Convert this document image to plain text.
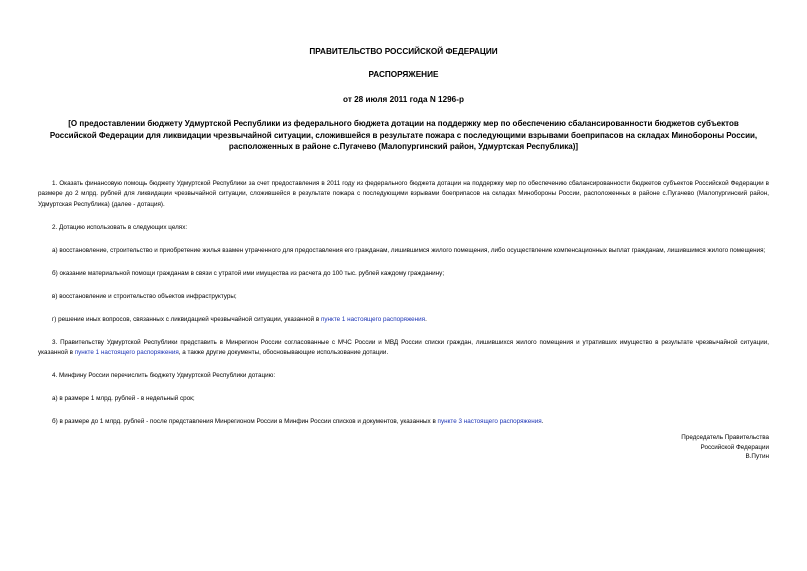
ПРАВИТЕЛЬСТВО РОССИЙСКОЙ ФЕДЕРАЦИИ

РАСПОРЯЖЕНИЕ

от 28 июля 2011 года N 1296-р

[О предоставлении бюджету Удмуртской Республики из федерального бюджета дотации на поддержку мер по обеспечению сбалансированности бюджетов субъектов Российской Федерации для ликвидации чрезвычайной ситуации, сложившейся в результате пожара с последующими взрывами боеприпасов на складах Минобороны России, расположенных в районе с.Пугачево (Малопургинский район, Удмуртская Республика)]

1. Оказать финансовую помощь бюджету Удмуртской Республики за счет предоставления в 2011 году из федерального бюджета дотации на поддержку мер по обеспечению сбалансированности бюджетов субъектов Российской Федерации в размере до 2 млрд. рублей для ликвидации чрезвычайной ситуации, сложившейся в результате пожара с последующими взрывами боеприпасов на складах Минобороны России, расположенных в районе с.Пугачево (Малопургинский район, Удмуртская Республика) (далее - дотация).

2. Дотацию использовать в следующих целях:

а) восстановление, строительство и приобретение жилья взамен утраченного для предоставления его гражданам, лишившимся жилого помещения, либо осуществление компенсационных выплат гражданам, лишившимся жилого помещения;

б) оказание материальной помощи гражданам в связи с утратой ими имущества из расчета до 100 тыс. рублей каждому гражданину;

в) восстановление и строительство объектов инфраструктуры;

г) решение иных вопросов, связанных с ликвидацией чрезвычайной ситуации, указанной в пункте 1 настоящего распоряжения.

3. Правительству Удмуртской Республики представить в Минрегион России согласованные с МЧС России и МВД России списки граждан, лишившихся жилого помещения и утративших имущество в результате чрезвычайной ситуации, указанной в пункте 1 настоящего распоряжения, а также другие документы, обосновывающие использование дотации.

4. Минфину России перечислить бюджету Удмуртской Республики дотацию:

а) в размере 1 млрд. рублей - в недельный срок;

б) в размере до 1 млрд. рублей - после представления Минрегионом России в Минфин России списков и документов, указанных в пункте 3 настоящего распоряжения.

Председатель Правительства
Российской Федерации
В.Путин
